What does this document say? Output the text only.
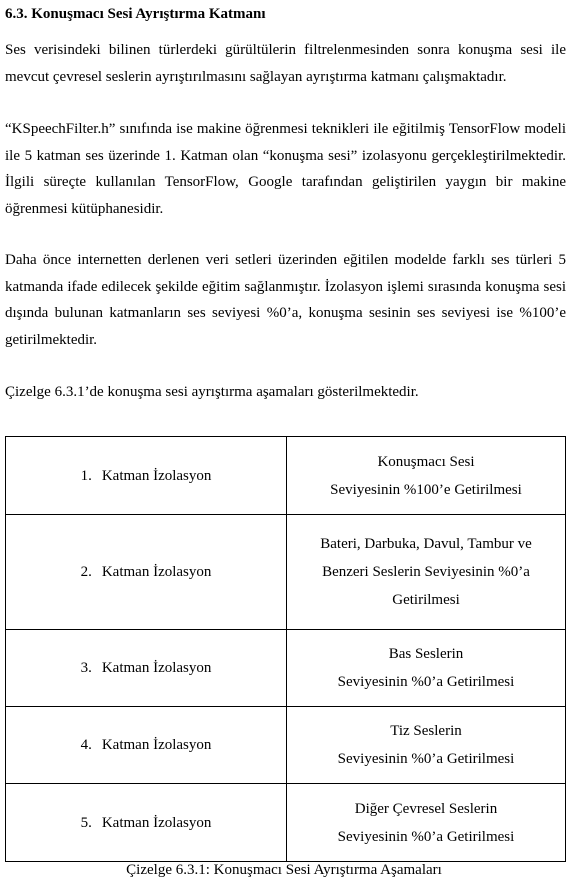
6.3. Konuşmacı Sesi Ayrıştırma Katmanı

Ses verisindeki bilinen türlerdeki gürültülerin filtrelenmesinden sonra konuşma sesi ile mevcut çevresel seslerin ayrıştırılmasını sağlayan ayrıştırma katmanı çalışmaktadır.

“KSpeechFilter.h” sınıfında ise makine öğrenmesi teknikleri ile eğitilmiş TensorFlow modeli ile 5 katman ses üzerinde 1. Katman olan “konuşma sesi” izolasyonu gerçekleştirilmektedir. İlgili süreçte kullanılan TensorFlow, Google tarafından geliştirilen yaygın bir makine öğrenmesi kütüphanesidir.

Daha önce internetten derlenen veri setleri üzerinden eğitilen modelde farklı ses türleri 5 katmanda ifade edilecek şekilde eğitim sağlanmıştır. İzolasyon işlemi sırasında konuşma sesi dışında bulunan katmanların ses seviyesi %0’a, konuşma sesinin ses seviyesi ise %100’e getirilmektedir.

Çizelge 6.3.1’de konuşma sesi ayrıştırma aşamaları gösterilmektedir.

1. Katman İzolasyon	Konuşmacı Sesi
Seviyesinin %100’e Getirilmesi

2. Katman İzolasyon	Bateri, Darbuka, Davul, Tambur ve
Benzeri Seslerin Seviyesinin %0’a
Getirilmesi

3. Katman İzolasyon	Bas Seslerin
Seviyesinin %0’a Getirilmesi

4. Katman İzolasyon	Tiz Seslerin
Seviyesinin %0’a Getirilmesi

5. Katman İzolasyon	Diğer Çevresel Seslerin
Seviyesinin %0’a Getirilmesi

Çizelge 6.3.1: Konuşmacı Sesi Ayrıştırma Aşamaları
